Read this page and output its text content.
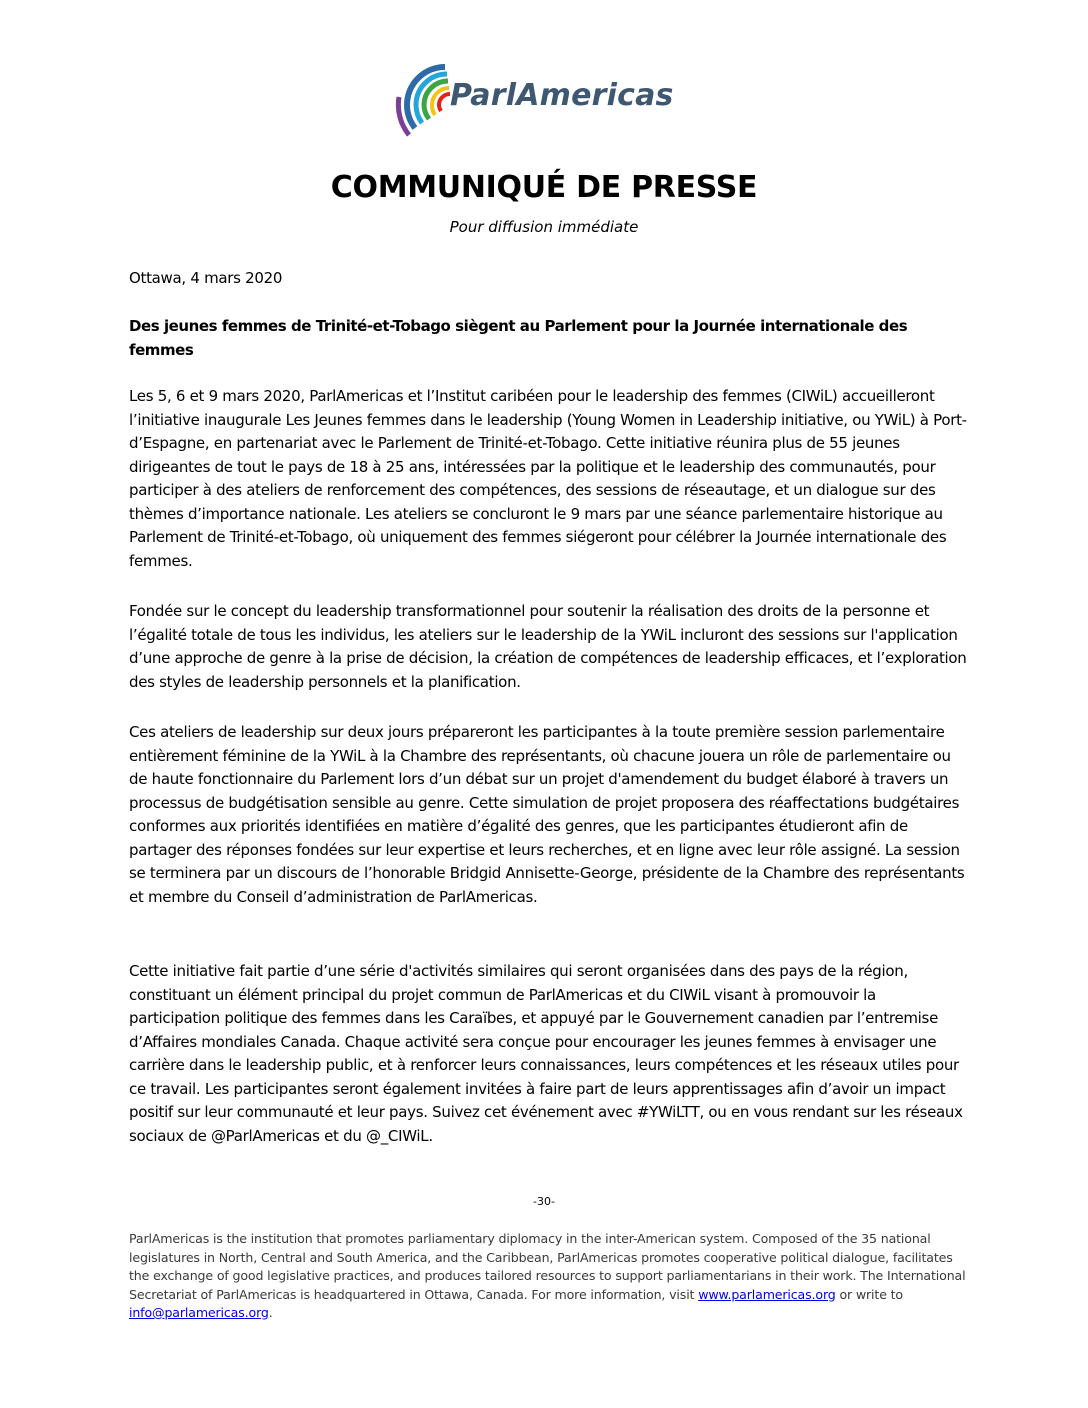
ParlAmericas
COMMUNIQUÉ DE PRESSE
Pour diffusion immédiate
Ottawa, 4 mars 2020
Des jeunes femmes de Trinité-et-Tobago siègent au Parlement pour la Journée internationale des femmes
Les 5, 6 et 9 mars 2020, ParlAmericas et l’Institut caribéen pour le leadership des femmes (CIWiL) accueilleront l’initiative inaugurale Les Jeunes femmes dans le leadership (Young Women in Leadership initiative, ou YWiL) à Port-d’Espagne, en partenariat avec le Parlement de Trinité-et-Tobago. Cette initiative réunira plus de 55 jeunes dirigeantes de tout le pays de 18 à 25 ans, intéressées par la politique et le leadership des communautés, pour participer à des ateliers de renforcement des compétences, des sessions de réseautage, et un dialogue sur des thèmes d’importance nationale. Les ateliers se concluront le 9 mars par une séance parlementaire historique au Parlement de Trinité-et-Tobago, où uniquement des femmes siégeront pour célébrer la Journée internationale des femmes.
Fondée sur le concept du leadership transformationnel pour soutenir la réalisation des droits de la personne et l’égalité totale de tous les individus, les ateliers sur le leadership de la YWiL incluront des sessions sur l'application d’une approche de genre à la prise de décision, la création de compétences de leadership efficaces, et l’exploration des styles de leadership personnels et la planification.
Ces ateliers de leadership sur deux jours prépareront les participantes à la toute première session parlementaire entièrement féminine de la YWiL à la Chambre des représentants, où chacune jouera un rôle de parlementaire ou de haute fonctionnaire du Parlement lors d’un débat sur un projet d'amendement du budget élaboré à travers un processus de budgétisation sensible au genre. Cette simulation de projet proposera des réaffectations budgétaires conformes aux priorités identifiées en matière d’égalité des genres, que les participantes étudieront afin de partager des réponses fondées sur leur expertise et leurs recherches, et en ligne avec leur rôle assigné. La session se terminera par un discours de l’honorable Bridgid Annisette-George, présidente de la Chambre des représentants et membre du Conseil d’administration de ParlAmericas.
Cette initiative fait partie d’une série d'activités similaires qui seront organisées dans des pays de la région, constituant un élément principal du projet commun de ParlAmericas et du CIWiL visant à promouvoir la participation politique des femmes dans les Caraïbes, et appuyé par le Gouvernement canadien par l’entremise d’Affaires mondiales Canada. Chaque activité sera conçue pour encourager les jeunes femmes à envisager une carrière dans le leadership public, et à renforcer leurs connaissances, leurs compétences et les réseaux utiles pour ce travail. Les participantes seront également invitées à faire part de leurs apprentissages afin d’avoir un impact positif sur leur communauté et leur pays. Suivez cet événement avec #YWiLTT, ou en vous rendant sur les réseaux sociaux de @ParlAmericas et du @_CIWiL.
-30-
ParlAmericas is the institution that promotes parliamentary diplomacy in the inter-American system. Composed of the 35 national legislatures in North, Central and South America, and the Caribbean, ParlAmericas promotes cooperative political dialogue, facilitates the exchange of good legislative practices, and produces tailored resources to support parliamentarians in their work. The International Secretariat of ParlAmericas is headquartered in Ottawa, Canada. For more information, visit www.parlamericas.org or write to info@parlamericas.org.
